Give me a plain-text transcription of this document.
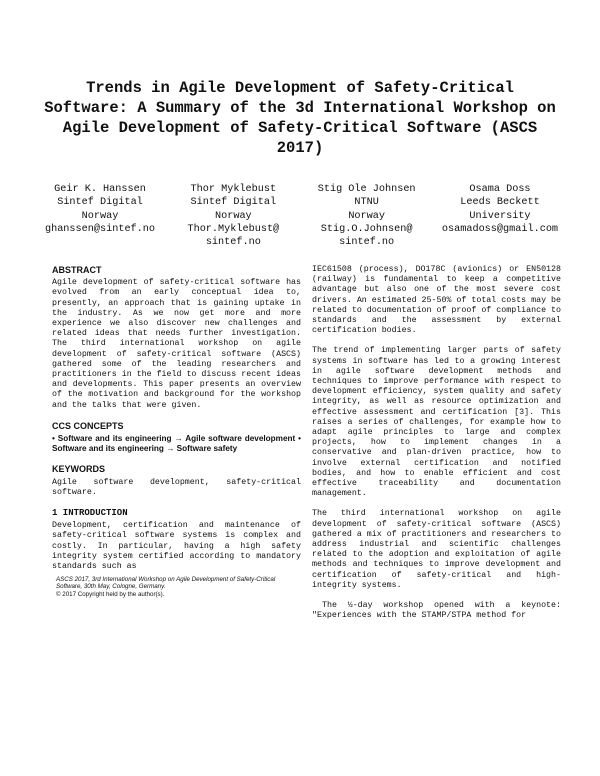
Trends in Agile Development of Safety-Critical Software: A Summary of the 3d International Workshop on Agile Development of Safety-Critical Software (ASCS 2017)
Geir K. Hanssen
Sintef Digital
Norway
ghanssen@sintef.no
Thor Myklebust
Sintef Digital
Norway
Thor.Myklebust@ sintef.no
Stig Ole Johnsen
NTNU
Norway
Stig.O.Johnsen@ sintef.no
Osama Doss
Leeds Beckett University
osamadoss@gmail.com
ABSTRACT

Agile development of safety-critical software has evolved from an early conceptual idea to, presently, an approach that is gaining uptake in the industry. As we now get more and more experience we also discover new challenges and related ideas that needs further investigation. The third international workshop on agile development of safety-critical software (ASCS) gathered some of the leading researchers and practitioners in the field to discuss recent ideas and developments. This paper presents an overview of the motivation and background for the workshop and the talks that were given.

CCS CONCEPTS
• Software and its engineering → Agile software development • Software and its engineering → Software safety
KEYWORDS

Agile software development, safety-critical software.

1 INTRODUCTION

Development, certification and maintenance of safety-critical software systems is complex and costly. In particular, having a high safety integrity system certified according to mandatory standards such as

ASCS 2017, 3rd International Workshop on Agile Development of Safety-Critical Software, 30th May, Cologne, Germany.
© 2017 Copyright held by the author(s).

IEC61508 (process), DO178C (avionics) or EN50128 (railway) is fundamental to keep a competitive advantage but also one of the most severe cost drivers. An estimated 25-50% of total costs may be related to documentation of proof of compliance to standards and the assessment by external certification bodies.

The trend of implementing larger parts of safety systems in software has led to a growing interest in agile software development methods and techniques to improve performance with respect to development efficiency, system quality and safety integrity, as well as resource optimization and effective assessment and certification [3]. This raises a series of challenges, for example how to adapt agile principles to large and complex projects, how to implement changes in a conservative and plan-driven practice, how to involve external certification and notified bodies, and how to enable efficient and cost effective traceability and documentation management.

The third international workshop on agile development of safety-critical software (ASCS) gathered a mix of practitioners and researchers to address industrial and scientific challenges related to the adoption and exploitation of agile methods and techniques to improve development and certification of safety-critical and high-integrity systems.

The ½-day workshop opened with a keynote: "Experiences with the STAMP/STPA method for
